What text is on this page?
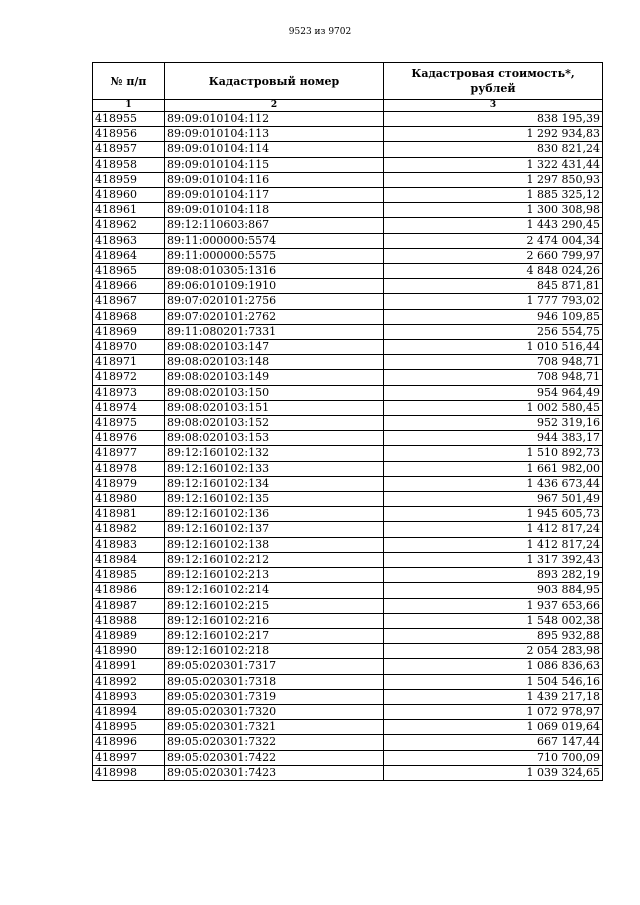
9523 из 9702
№ п/п	Кадастровый номер	Кадастровая стоимость*,
рублей
1	2	3
418955	89:09:010104:112	838 195,39
418956	89:09:010104:113	1 292 934,83
418957	89:09:010104:114	830 821,24
418958	89:09:010104:115	1 322 431,44
418959	89:09:010104:116	1 297 850,93
418960	89:09:010104:117	1 885 325,12
418961	89:09:010104:118	1 300 308,98
418962	89:12:110603:867	1 443 290,45
418963	89:11:000000:5574	2 474 004,34
418964	89:11:000000:5575	2 660 799,97
418965	89:08:010305:1316	4 848 024,26
418966	89:06:010109:1910	845 871,81
418967	89:07:020101:2756	1 777 793,02
418968	89:07:020101:2762	946 109,85
418969	89:11:080201:7331	256 554,75
418970	89:08:020103:147	1 010 516,44
418971	89:08:020103:148	708 948,71
418972	89:08:020103:149	708 948,71
418973	89:08:020103:150	954 964,49
418974	89:08:020103:151	1 002 580,45
418975	89:08:020103:152	952 319,16
418976	89:08:020103:153	944 383,17
418977	89:12:160102:132	1 510 892,73
418978	89:12:160102:133	1 661 982,00
418979	89:12:160102:134	1 436 673,44
418980	89:12:160102:135	967 501,49
418981	89:12:160102:136	1 945 605,73
418982	89:12:160102:137	1 412 817,24
418983	89:12:160102:138	1 412 817,24
418984	89:12:160102:212	1 317 392,43
418985	89:12:160102:213	893 282,19
418986	89:12:160102:214	903 884,95
418987	89:12:160102:215	1 937 653,66
418988	89:12:160102:216	1 548 002,38
418989	89:12:160102:217	895 932,88
418990	89:12:160102:218	2 054 283,98
418991	89:05:020301:7317	1 086 836,63
418992	89:05:020301:7318	1 504 546,16
418993	89:05:020301:7319	1 439 217,18
418994	89:05:020301:7320	1 072 978,97
418995	89:05:020301:7321	1 069 019,64
418996	89:05:020301:7322	667 147,44
418997	89:05:020301:7422	710 700,09
418998	89:05:020301:7423	1 039 324,65
